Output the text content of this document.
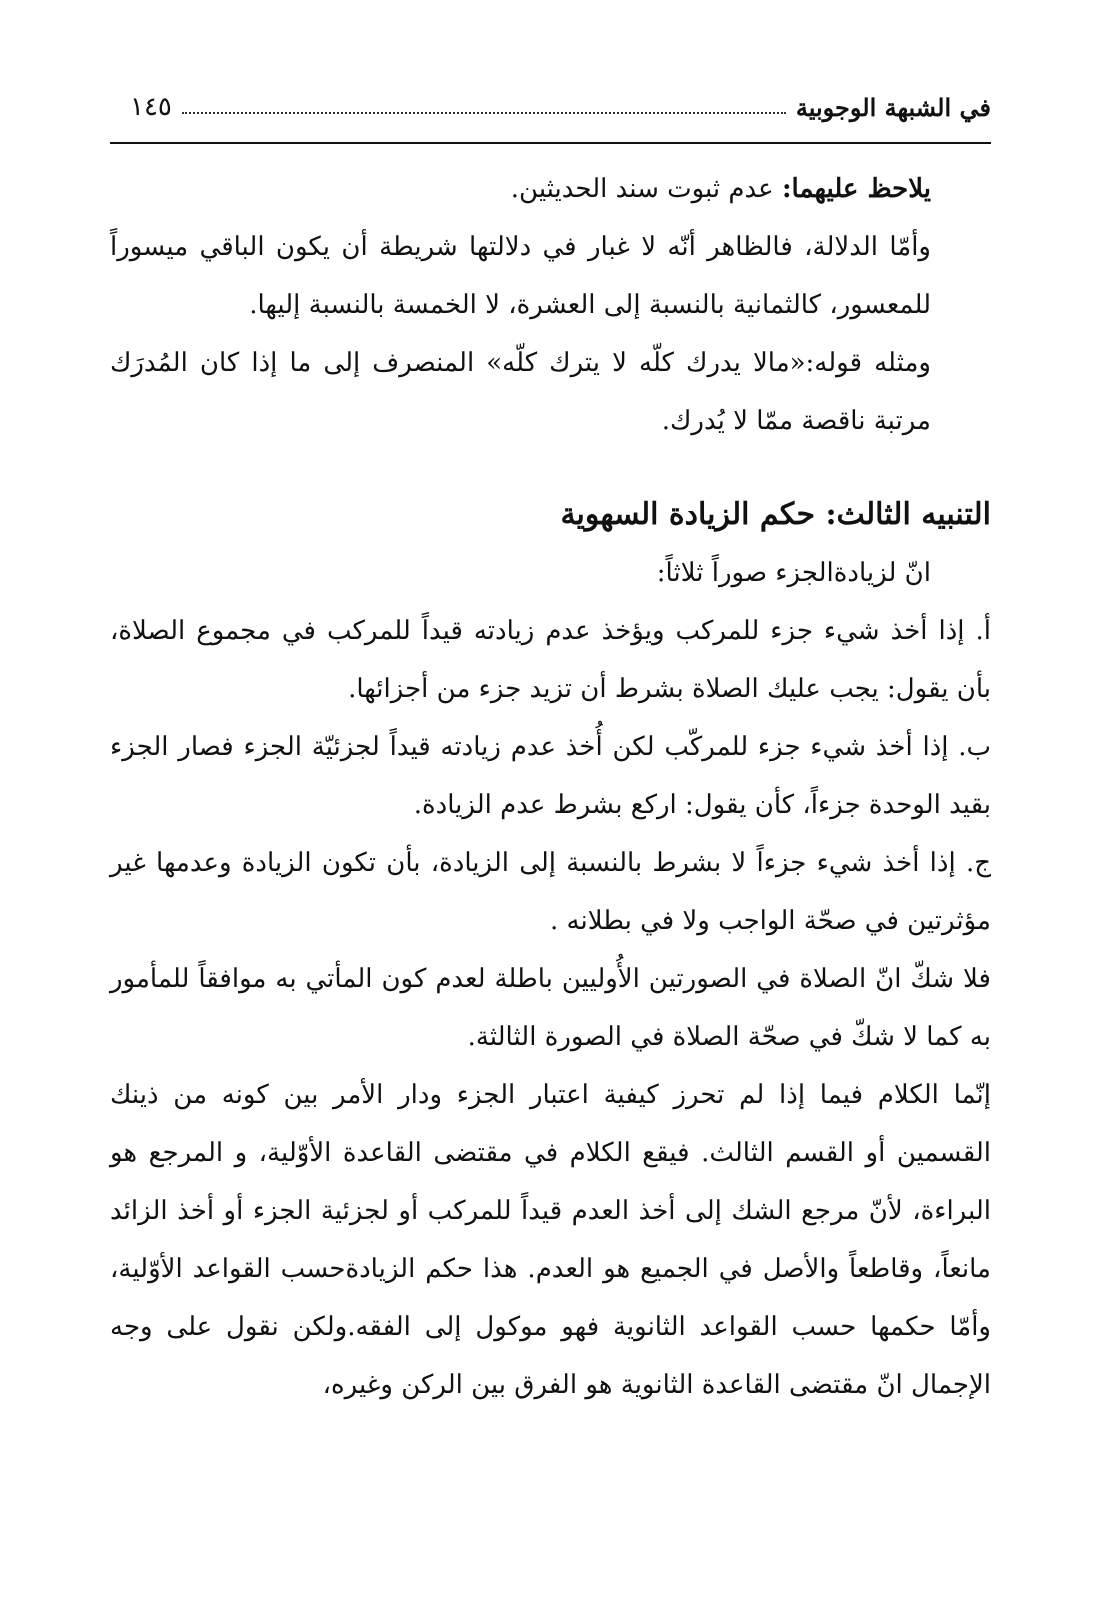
في الشبهة الوجوبية
١٤٥

يلاحظ عليهما: عدم ثبوت سند الحديثين.

وأمّا الدلالة، فالظاهر أنّه لا غبار في دلالتها شريطة أن يكون الباقي ميسوراً للمعسور، كالثمانية بالنسبة إلى العشرة، لا الخمسة بالنسبة إليها.

ومثله قوله:«مالا يدرك كلّه لا يترك كلّه» المنصرف إلى ما إذا كان المُدرَك مرتبة ناقصة ممّا لا يُدرك.

التنبيه الثالث: حكم الزيادة السهوية

انّ لزيادةالجزء صوراً ثلاثاً:

أ. إذا أخذ شيء جزء للمركب ويؤخذ عدم زيادته قيداً للمركب في مجموع الصلاة، بأن يقول: يجب عليك الصلاة بشرط أن تزيد جزء من أجزائها.

ب. إذا أخذ شيء جزء للمركّب لكن أُخذ عدم زيادته قيداً لجزئيّة الجزء فصار الجزء بقيد الوحدة جزءاً، كأن يقول: اركع بشرط عدم الزيادة.

ج. إذا أخذ شيء جزءاً لا بشرط بالنسبة إلى الزيادة، بأن تكون الزيادة وعدمها غير مؤثرتين في صحّة الواجب ولا في بطلانه .

فلا شكّ انّ الصلاة في الصورتين الأُوليين باطلة لعدم كون المأتي به موافقاً للمأمور به كما لا شكّ في صحّة الصلاة في الصورة الثالثة.

إنّما الكلام فيما إذا لم تحرز كيفية اعتبار الجزء ودار الأمر بين كونه من ذينك القسمين أو القسم الثالث. فيقع الكلام في مقتضى القاعدة الأوّلية، و المرجع هو البراءة، لأنّ مرجع الشك إلى أخذ العدم قيداً للمركب أو لجزئية الجزء أو أخذ الزائد مانعاً، وقاطعاً والأصل في الجميع هو العدم. هذا حكم الزيادةحسب القواعد الأوّلية، وأمّا حكمها حسب القواعد الثانوية فهو موكول إلى الفقه.ولكن نقول على وجه الإجمال انّ مقتضى القاعدة الثانوية هو الفرق بين الركن وغيره،
